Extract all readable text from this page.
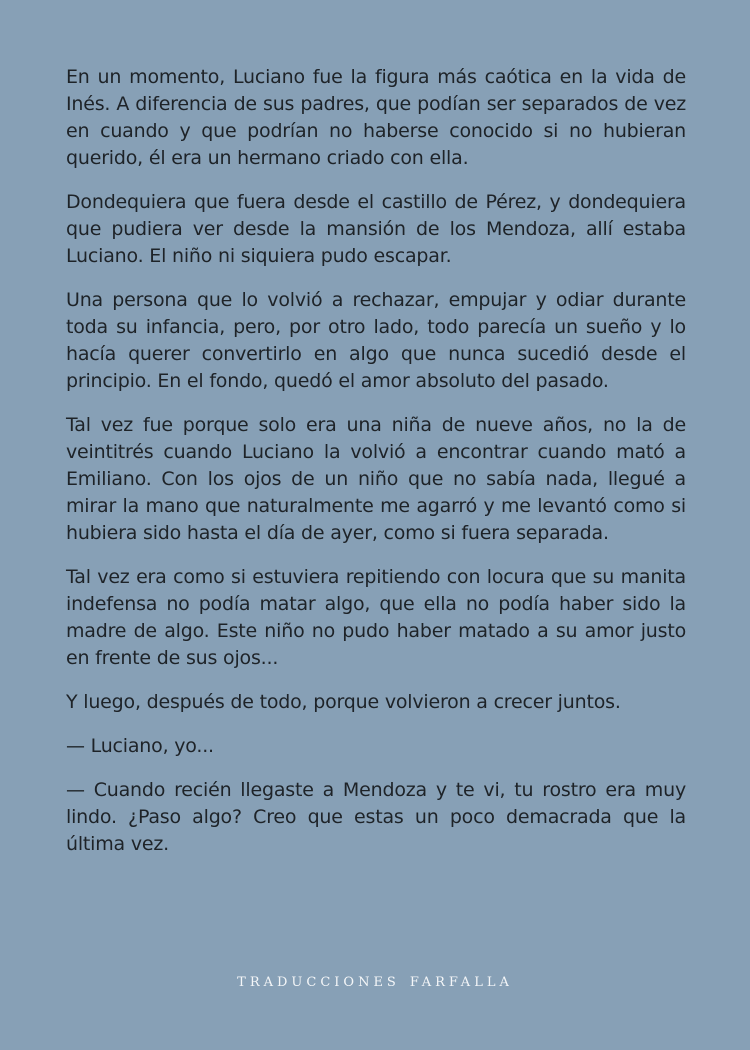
En un momento, Luciano fue la figura más caótica en la vida de Inés. A diferencia de sus padres, que podían ser separados de vez en cuando y que podrían no haberse conocido si no hubieran querido, él era un hermano criado con ella.

Dondequiera que fuera desde el castillo de Pérez, y dondequiera que pudiera ver desde la mansión de los Mendoza, allí estaba Luciano. El niño ni siquiera pudo escapar.

Una persona que lo volvió a rechazar, empujar y odiar durante toda su infancia, pero, por otro lado, todo parecía un sueño y lo hacía querer convertirlo en algo que nunca sucedió desde el principio. En el fondo, quedó el amor absoluto del pasado.

Tal vez fue porque solo era una niña de nueve años, no la de veintitrés cuando Luciano la volvió a encontrar cuando mató a Emiliano. Con los ojos de un niño que no sabía nada, llegué a mirar la mano que naturalmente me agarró y me levantó como si hubiera sido hasta el día de ayer, como si fuera separada.

Tal vez era como si estuviera repitiendo con locura que su manita indefensa no podía matar algo, que ella no podía haber sido la madre de algo. Este niño no pudo haber matado a su amor justo en frente de sus ojos...

Y luego, después de todo, porque volvieron a crecer juntos.

— Luciano, yo...

— Cuando recién llegaste a Mendoza y te vi, tu rostro era muy lindo. ¿Paso algo? Creo que estas un poco demacrada que la última vez.

TRADUCCIONES FARFALLA
